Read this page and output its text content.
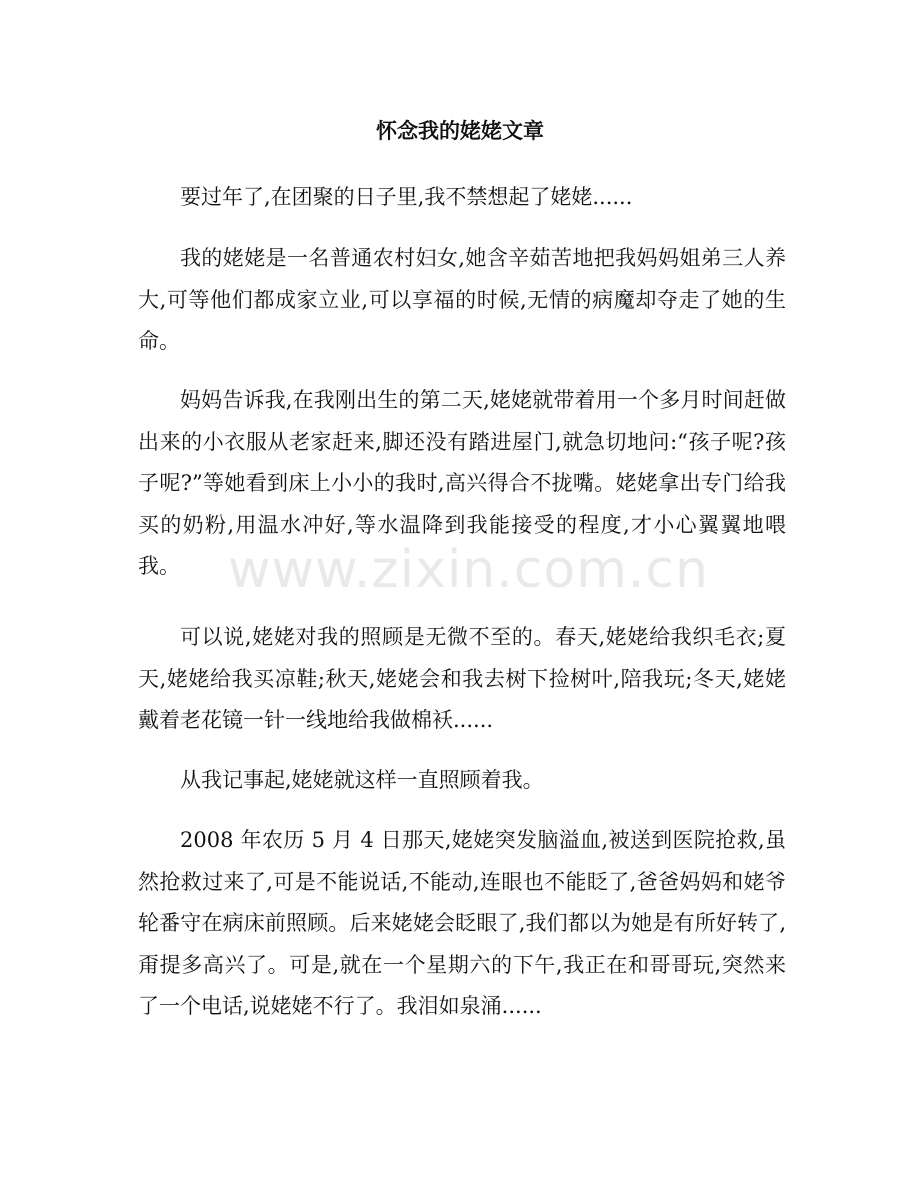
怀念我的姥姥文章

要过年了,在团聚的日子里,我不禁想起了姥姥......

我的姥姥是一名普通农村妇女,她含辛茹苦地把我妈妈姐弟三人养大,可等他们都成家立业,可以享福的时候,无情的病魔却夺走了她的生命。

妈妈告诉我,在我刚出生的第二天,姥姥就带着用一个多月时间赶做出来的小衣服从老家赶来,脚还没有踏进屋门,就急切地问:“孩子呢?孩子呢?”等她看到床上小小的我时,高兴得合不拢嘴。姥姥拿出专门给我买的奶粉,用温水冲好,等水温降到我能接受的程度,才小心翼翼地喂我。

可以说,姥姥对我的照顾是无微不至的。春天,姥姥给我织毛衣;夏天,姥姥给我买凉鞋;秋天,姥姥会和我去树下捡树叶,陪我玩;冬天,姥姥戴着老花镜一针一线地给我做棉袄......

从我记事起,姥姥就这样一直照顾着我。

2008 年农历 5 月 4 日那天,姥姥突发脑溢血,被送到医院抢救,虽然抢救过来了,可是不能说话,不能动,连眼也不能眨了,爸爸妈妈和姥爷轮番守在病床前照顾。后来姥姥会眨眼了,我们都以为她是有所好转了,甭提多高兴了。可是,就在一个星期六的下午,我正在和哥哥玩,突然来了一个电话,说姥姥不行了。我泪如泉涌......

www.zixin.com.cn
